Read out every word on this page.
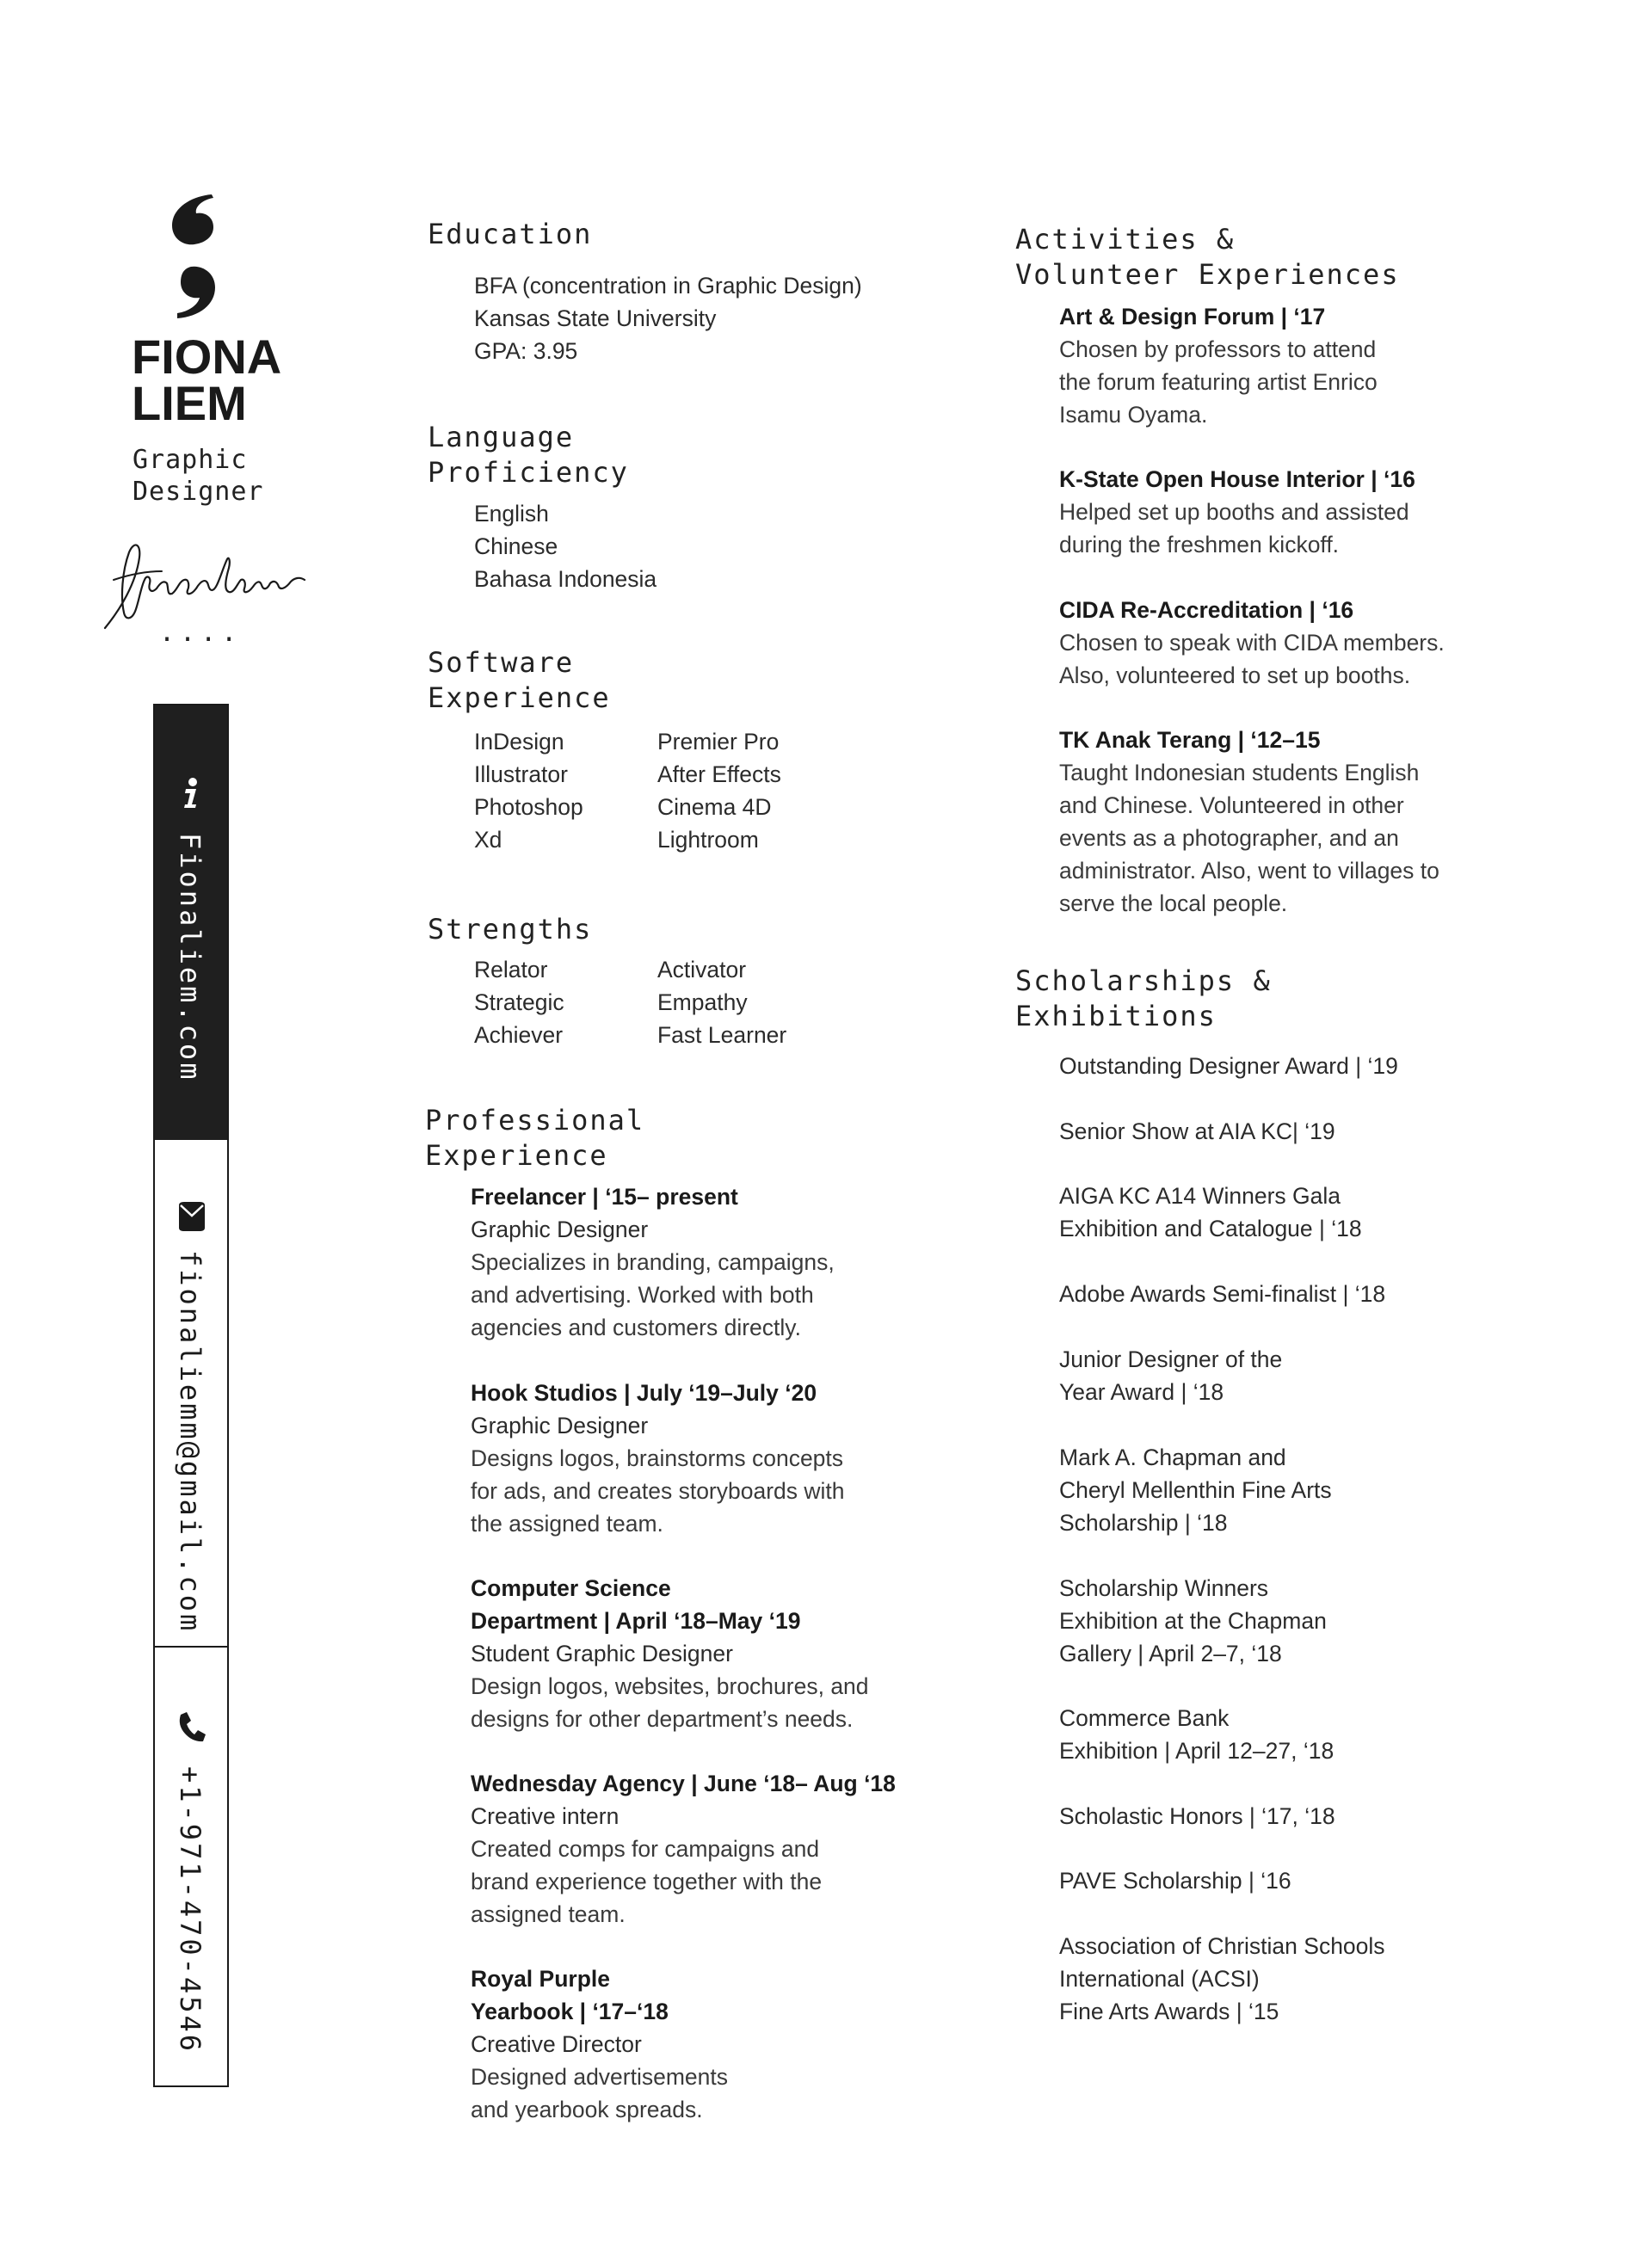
FIONA
LIEM
Graphic
Designer
....
Fionaliem.com
fionaliemm@gmail.com
+1-971-470-4546
Education
BFA (concentration in Graphic Design)
Kansas State University
GPA: 3.95
Language
Proficiency
English
Chinese
Bahasa Indonesia
Software
Experience
InDesign
Illustrator
Photoshop
Xd
Premier Pro
After Effects
Cinema 4D
Lightroom
Strengths
Relator
Strategic
Achiever
Activator
Empathy
Fast Learner
Professional
Experience
Freelancer | ‘15– present
Graphic Designer
Specializes in branding, campaigns,
and advertising. Worked with both
agencies and customers directly.
Hook Studios | July ‘19–July ‘20
Graphic Designer
Designs logos, brainstorms concepts
for ads, and creates storyboards with
the assigned team.
Computer Science
Department | April ‘18–May ‘19
Student Graphic Designer
Design logos, websites, brochures, and
designs for other department’s needs.
Wednesday Agency | June ‘18– Aug ‘18
Creative intern
Created comps for campaigns and
brand experience together with the
assigned team.
Royal Purple
Yearbook | ‘17–‘18
Creative Director
Designed advertisements
and yearbook spreads.
Activities &
Volunteer Experiences
Art & Design Forum | ‘17
Chosen by professors to attend
the forum featuring artist Enrico
Isamu Oyama.
K-State Open House Interior | ‘16
Helped set up booths and assisted
during the freshmen kickoff.
CIDA Re-Accreditation | ‘16
Chosen to speak with CIDA members.
Also, volunteered to set up booths.
TK Anak Terang | ‘12–15
Taught Indonesian students English
and Chinese. Volunteered in other
events as a photographer, and an
administrator. Also, went to villages to
serve the local people.
Scholarships &
Exhibitions
Outstanding Designer Award | ‘19
Senior Show at AIA KC| ‘19
AIGA KC A14 Winners Gala
Exhibition and Catalogue | ‘18
Adobe Awards Semi-finalist | ‘18
Junior Designer of the
Year Award | ‘18
Mark A. Chapman and
Cheryl Mellenthin Fine Arts
Scholarship | ‘18
Scholarship Winners
Exhibition at the Chapman
Gallery | April 2–7, ‘18
Commerce Bank
Exhibition | April 12–27, ‘18
Scholastic Honors | ‘17, ‘18
PAVE Scholarship | ‘16
Association of Christian Schools
International (ACSI)
Fine Arts Awards | ‘15
